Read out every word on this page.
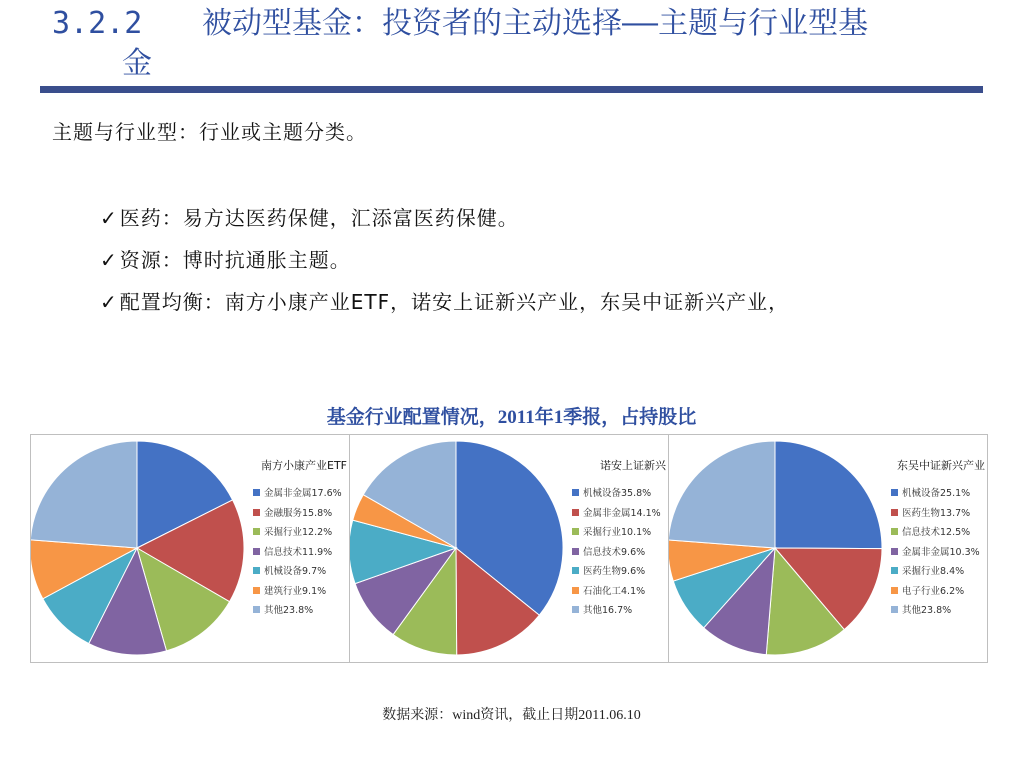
3.2.2 被动型基金：投资者的主动选择——主题与行业型基
金
主题与行业型：行业或主题分类。
✓ 医药：易方达医药保健，汇添富医药保健。
✓ 资源：博时抗通胀主题。
✓ 配置均衡：南方小康产业ETF，诺安上证新兴产业，东吴中证新兴产业，
基金行业配置情况，2011年1季报，占持股比
南方小康产业ETF
金属非金属17.6%
金融服务15.8%
采掘行业12.2%
信息技术11.9%
机械设备9.7%
建筑行业9.1%
其他23.8%
诺安上证新兴
机械设备35.8%
金属非金属14.1%
采掘行业10.1%
信息技术9.6%
医药生物9.6%
石油化工4.1%
其他16.7%
东吴中证新兴产业
机械设备25.1%
医药生物13.7%
信息技术12.5%
金属非金属10.3%
采掘行业8.4%
电子行业6.2%
其他23.8%
数据来源：wind资讯，截止日期2011.06.10
